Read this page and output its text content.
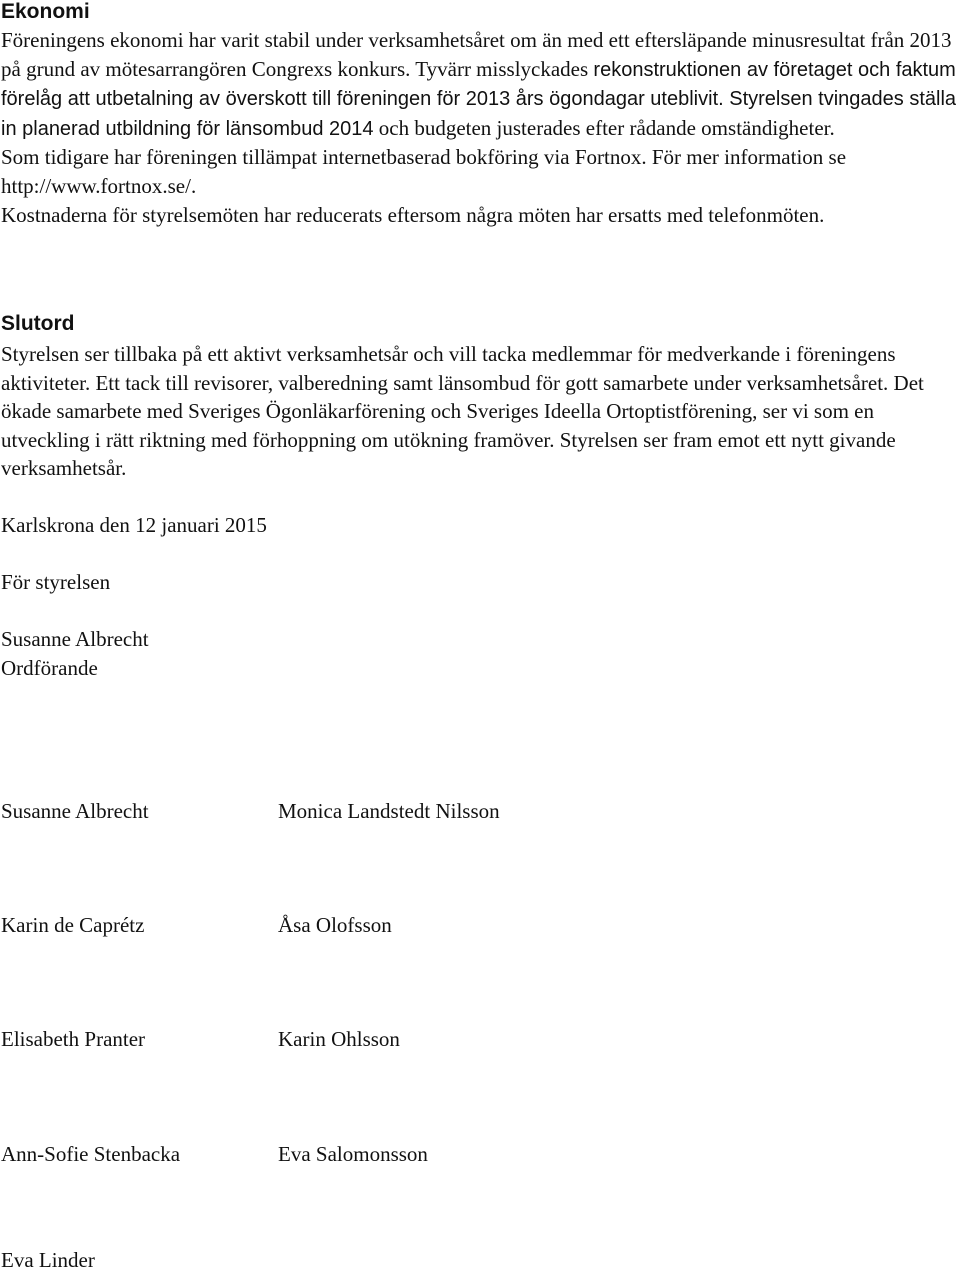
Ekonomi

Föreningens ekonomi har varit stabil under verksamhetsåret om än med ett eftersläpande minusresultat från 2013 på grund av mötesarrangören Congrexs konkurs. Tyvärr misslyckades rekonstruktionen av företaget och faktum förelåg att utbetalning av överskott till föreningen för 2013 års ögondagar uteblivit. Styrelsen tvingades ställa in planerad utbildning för länsombud 2014 och budgeten justerades efter rådande omständigheter.

Som tidigare har föreningen tillämpat internetbaserad bokföring via Fortnox. För mer information se http://www.fortnox.se/.

Kostnaderna för styrelsemöten har reducerats eftersom några möten har ersatts med telefonmöten.

Slutord

Styrelsen ser tillbaka på ett aktivt verksamhetsår och vill tacka medlemmar för medverkande i föreningens aktiviteter. Ett tack till revisorer, valberedning samt länsombud för gott samarbete under verksamhetsåret. Det ökade samarbete med Sveriges Ögonläkarförening och Sveriges Ideella Ortoptistförening, ser vi som en utveckling i rätt riktning med förhoppning om utökning framöver. Styrelsen ser fram emot ett nytt givande verksamhetsår.

Karlskrona den 12 januari 2015

För styrelsen

Susanne Albrecht

Ordförande

Susanne Albrecht	Monica Landstedt Nilsson

Karin de Caprétz	Åsa Olofsson

Elisabeth Pranter	Karin Ohlsson

Ann-Sofie Stenbacka	Eva Salomonsson

Eva Linder
